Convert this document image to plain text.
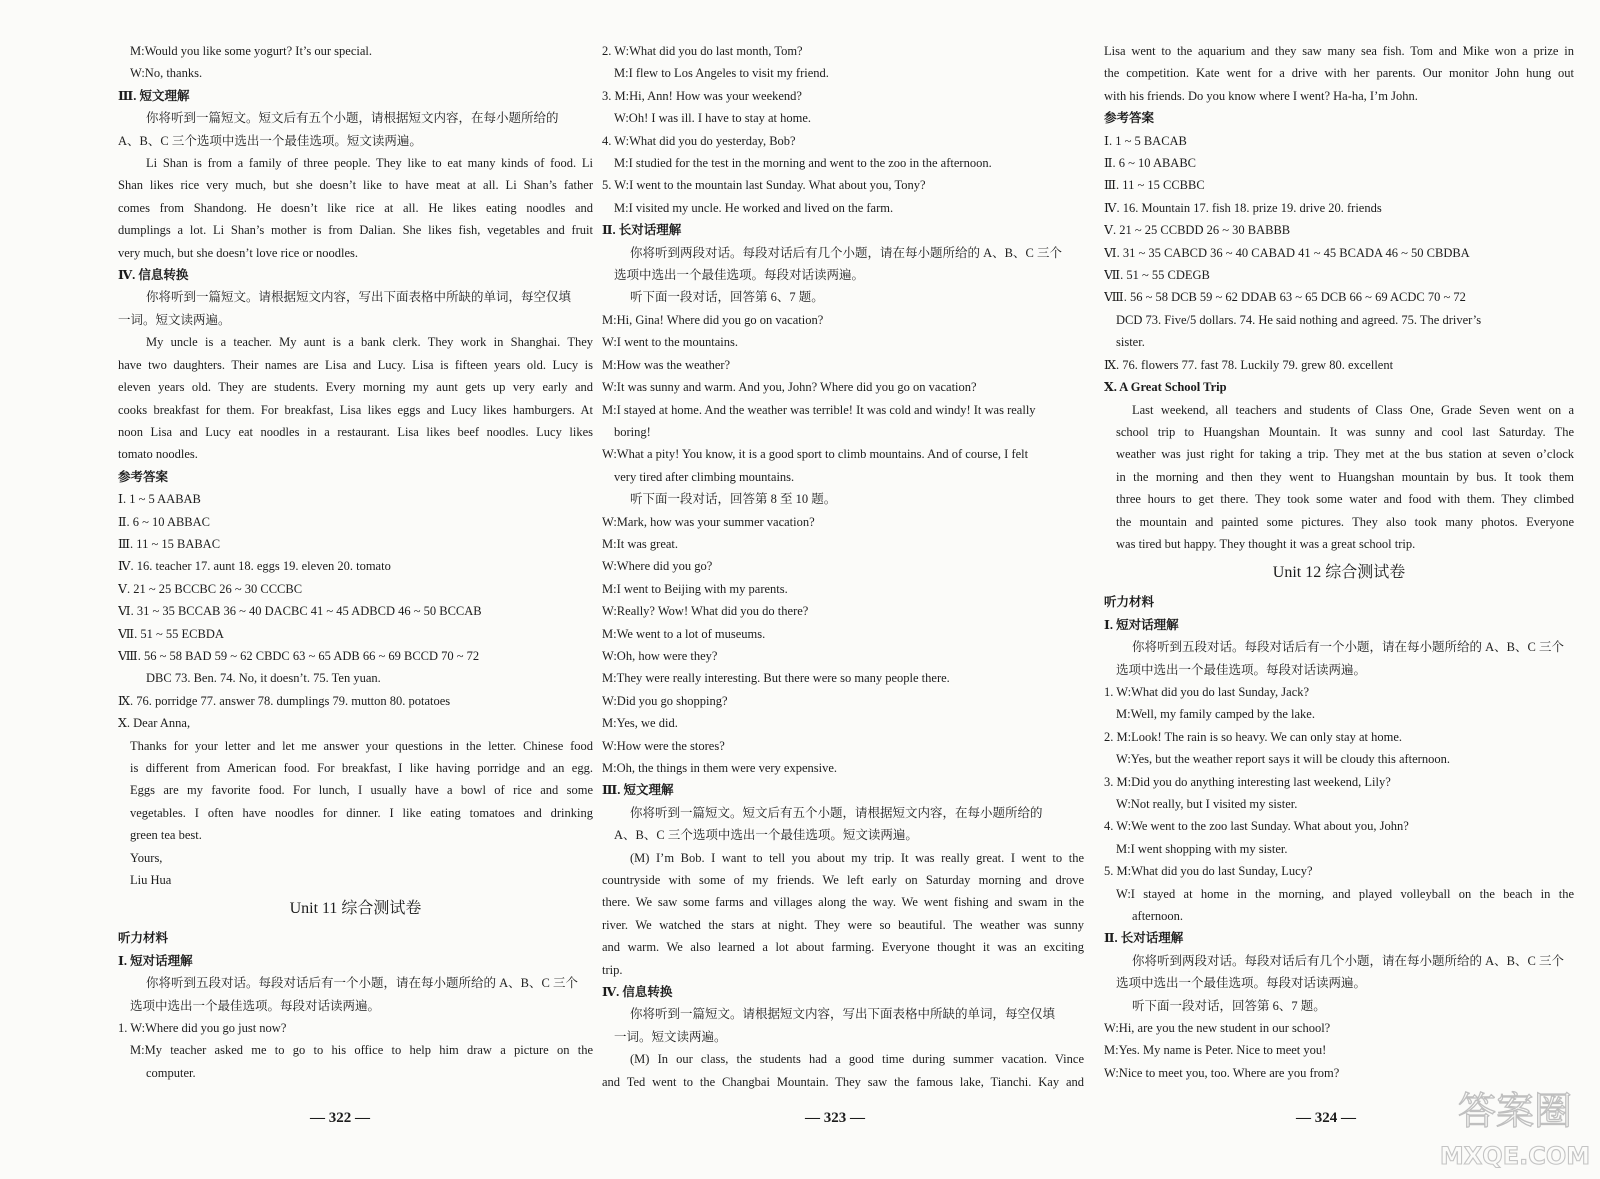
M:Would you like some yogurt? It’s our special.
W:No, thanks.
Ⅲ. 短文理解
你将听到一篇短文。短文后有五个小题，请根据短文内容，在每小题所给的
A、B、C 三个选项中选出一个最佳选项。短文读两遍。
Li Shan is from a family of three people. They like to eat many kinds of food. Li
Shan likes rice very much, but she doesn’t like to have meat at all. Li Shan’s father
comes from Shandong. He doesn’t like rice at all. He likes eating noodles and
dumplings a lot. Li Shan’s mother is from Dalian. She likes fish, vegetables and fruit
very much, but she doesn’t love rice or noodles.
Ⅳ. 信息转换
你将听到一篇短文。请根据短文内容，写出下面表格中所缺的单词，每空仅填
一词。短文读两遍。
My uncle is a teacher. My aunt is a bank clerk. They work in Shanghai. They
have two daughters. Their names are Lisa and Lucy. Lisa is fifteen years old. Lucy is
eleven years old. They are students. Every morning my aunt gets up very early and
cooks breakfast for them. For breakfast, Lisa likes eggs and Lucy likes hamburgers. At
noon Lisa and Lucy eat noodles in a restaurant. Lisa likes beef noodles. Lucy likes
tomato noodles.
参考答案
Ⅰ. 1 ~ 5 AABAB
Ⅱ. 6 ~ 10 ABBAC
Ⅲ. 11 ~ 15 BABAC
Ⅳ. 16. teacher 17. aunt 18. eggs 19. eleven 20. tomato
Ⅴ. 21 ~ 25 BCCBC 26 ~ 30 CCCBC
Ⅵ. 31 ~ 35 BCCAB 36 ~ 40 DACBC 41 ~ 45 ADBCD 46 ~ 50 BCCAB
Ⅶ. 51 ~ 55 ECBDA
Ⅷ. 56 ~ 58 BAD 59 ~ 62 CBDC 63 ~ 65 ADB 66 ~ 69 BCCD 70 ~ 72
DBC 73. Ben. 74. No, it doesn’t. 75. Ten yuan.
Ⅸ. 76. porridge 77. answer 78. dumplings 79. mutton 80. potatoes
Ⅹ. Dear Anna,
Thanks for your letter and let me answer your questions in the letter. Chinese food
is different from American food. For breakfast, I like having porridge and an egg.
Eggs are my favorite food. For lunch, I usually have a bowl of rice and some
vegetables. I often have noodles for dinner. I like eating tomatoes and drinking
green tea best.
Yours,
Liu Hua
Unit 11 综合测试卷
听力材料
Ⅰ. 短对话理解
你将听到五段对话。每段对话后有一个小题，请在每小题所给的 A、B、C 三个
选项中选出一个最佳选项。每段对话读两遍。
1. W:Where did you go just now?
M:My teacher asked me to go to his office to help him draw a picture on the
computer.
2. W:What did you do last month, Tom?
M:I flew to Los Angeles to visit my friend.
3. M:Hi, Ann! How was your weekend?
W:Oh! I was ill. I have to stay at home.
4. W:What did you do yesterday, Bob?
M:I studied for the test in the morning and went to the zoo in the afternoon.
5. W:I went to the mountain last Sunday. What about you, Tony?
M:I visited my uncle. He worked and lived on the farm.
Ⅱ. 长对话理解
你将听到两段对话。每段对话后有几个小题，请在每小题所给的 A、B、C 三个
选项中选出一个最佳选项。每段对话读两遍。
听下面一段对话，回答第 6、7 题。
M:Hi, Gina! Where did you go on vacation?
W:I went to the mountains.
M:How was the weather?
W:It was sunny and warm. And you, John? Where did you go on vacation?
M:I stayed at home. And the weather was terrible! It was cold and windy! It was really
boring!
W:What a pity! You know, it is a good sport to climb mountains. And of course, I felt
very tired after climbing mountains.
听下面一段对话，回答第 8 至 10 题。
W:Mark, how was your summer vacation?
M:It was great.
W:Where did you go?
M:I went to Beijing with my parents.
W:Really? Wow! What did you do there?
M:We went to a lot of museums.
W:Oh, how were they?
M:They were really interesting. But there were so many people there.
W:Did you go shopping?
M:Yes, we did.
W:How were the stores?
M:Oh, the things in them were very expensive.
Ⅲ. 短文理解
你将听到一篇短文。短文后有五个小题，请根据短文内容，在每小题所给的
A、B、C 三个选项中选出一个最佳选项。短文读两遍。
(M) I’m Bob. I want to tell you about my trip. It was really great. I went to the
countryside with some of my friends. We left early on Saturday morning and drove
there. We saw some farms and villages along the way. We went fishing and swam in the
river. We watched the stars at night. They were so beautiful. The weather was sunny
and warm. We also learned a lot about farming. Everyone thought it was an exciting
trip.
Ⅳ. 信息转换
你将听到一篇短文。请根据短文内容，写出下面表格中所缺的单词，每空仅填
一词。短文读两遍。
(M) In our class, the students had a good time during summer vacation. Vince
and Ted went to the Changbai Mountain. They saw the famous lake, Tianchi. Kay and
Lisa went to the aquarium and they saw many sea fish. Tom and Mike won a prize in
the competition. Kate went for a drive with her parents. Our monitor John hung out
with his friends. Do you know where I went? Ha-ha, I’m John.
参考答案
Ⅰ. 1 ~ 5 BACAB
Ⅱ. 6 ~ 10 ABABC
Ⅲ. 11 ~ 15 CCBBC
Ⅳ. 16. Mountain 17. fish 18. prize 19. drive 20. friends
Ⅴ. 21 ~ 25 CCBDD 26 ~ 30 BABBB
Ⅵ. 31 ~ 35 CABCD 36 ~ 40 CABAD 41 ~ 45 BCADA 46 ~ 50 CBDBA
Ⅶ. 51 ~ 55 CDEGB
Ⅷ. 56 ~ 58 DCB 59 ~ 62 DDAB 63 ~ 65 DCB 66 ~ 69 ACDC 70 ~ 72
DCD 73. Five/5 dollars. 74. He said nothing and agreed. 75. The driver’s
sister.
Ⅸ. 76. flowers 77. fast 78. Luckily 79. grew 80. excellent
Ⅹ. A Great School Trip
Last weekend, all teachers and students of Class One, Grade Seven went on a
school trip to Huangshan Mountain. It was sunny and cool last Saturday. The
weather was just right for taking a trip. They met at the bus station at seven o’clock
in the morning and then they went to Huangshan mountain by bus. It took them
three hours to get there. They took some water and food with them. They climbed
the mountain and painted some pictures. They also took many photos. Everyone
was tired but happy. They thought it was a great school trip.
Unit 12 综合测试卷
听力材料
Ⅰ. 短对话理解
你将听到五段对话。每段对话后有一个小题，请在每小题所给的 A、B、C 三个
选项中选出一个最佳选项。每段对话读两遍。
1. W:What did you do last Sunday, Jack?
M:Well, my family camped by the lake.
2. M:Look! The rain is so heavy. We can only stay at home.
W:Yes, but the weather report says it will be cloudy this afternoon.
3. M:Did you do anything interesting last weekend, Lily?
W:Not really, but I visited my sister.
4. W:We went to the zoo last Sunday. What about you, John?
M:I went shopping with my sister.
5. M:What did you do last Sunday, Lucy?
W:I stayed at home in the morning, and played volleyball on the beach in the
afternoon.
Ⅱ. 长对话理解
你将听到两段对话。每段对话后有几个小题，请在每小题所给的 A、B、C 三个
选项中选出一个最佳选项。每段对话读两遍。
听下面一段对话，回答第 6、7 题。
W:Hi, are you the new student in our school?
M:Yes. My name is Peter. Nice to meet you!
W:Nice to meet you, too. Where are you from?
— 322 —	— 323 —	— 324 —	答案圈
MXQE.COM
